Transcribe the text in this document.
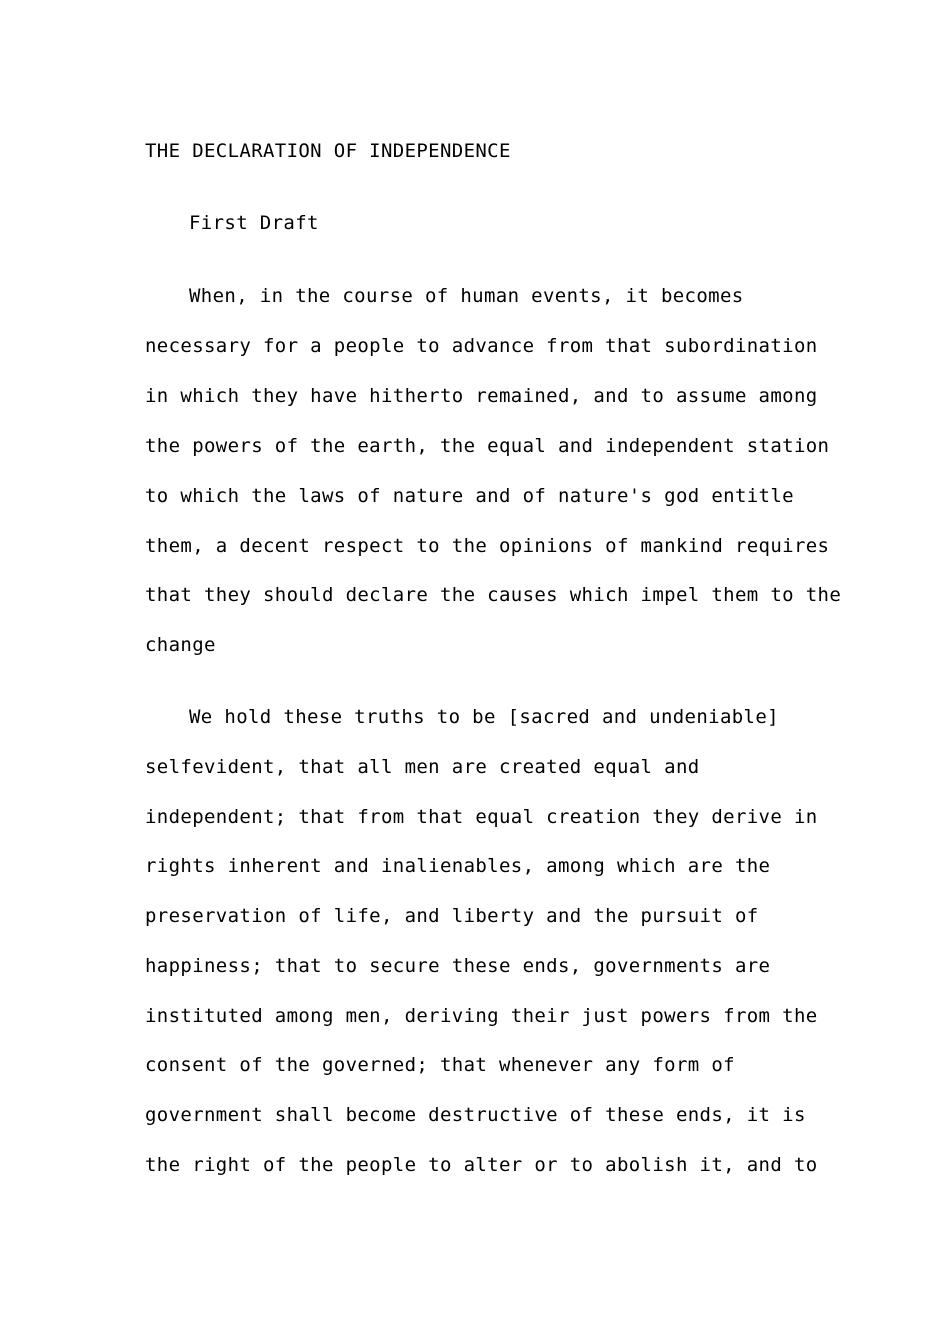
THE DECLARATION OF INDEPENDENCE

First Draft

When, in the course of human events, it becomes

necessary for a people to advance from that subordination

in which they have hitherto remained, and to assume among

the powers of the earth, the equal and independent station

to which the laws of nature and of nature's god entitle

them, a decent respect to the opinions of mankind requires

that they should declare the causes which impel them to the

change

We hold these truths to be [sacred and undeniable]

selfevident, that all men are created equal and

independent; that from that equal creation they derive in

rights inherent and inalienables, among which are the

preservation of life, and liberty and the pursuit of

happiness; that to secure these ends, governments are

instituted among men, deriving their just powers from the

consent of the governed; that whenever any form of

government shall become destructive of these ends, it is

the right of the people to alter or to abolish it, and to
